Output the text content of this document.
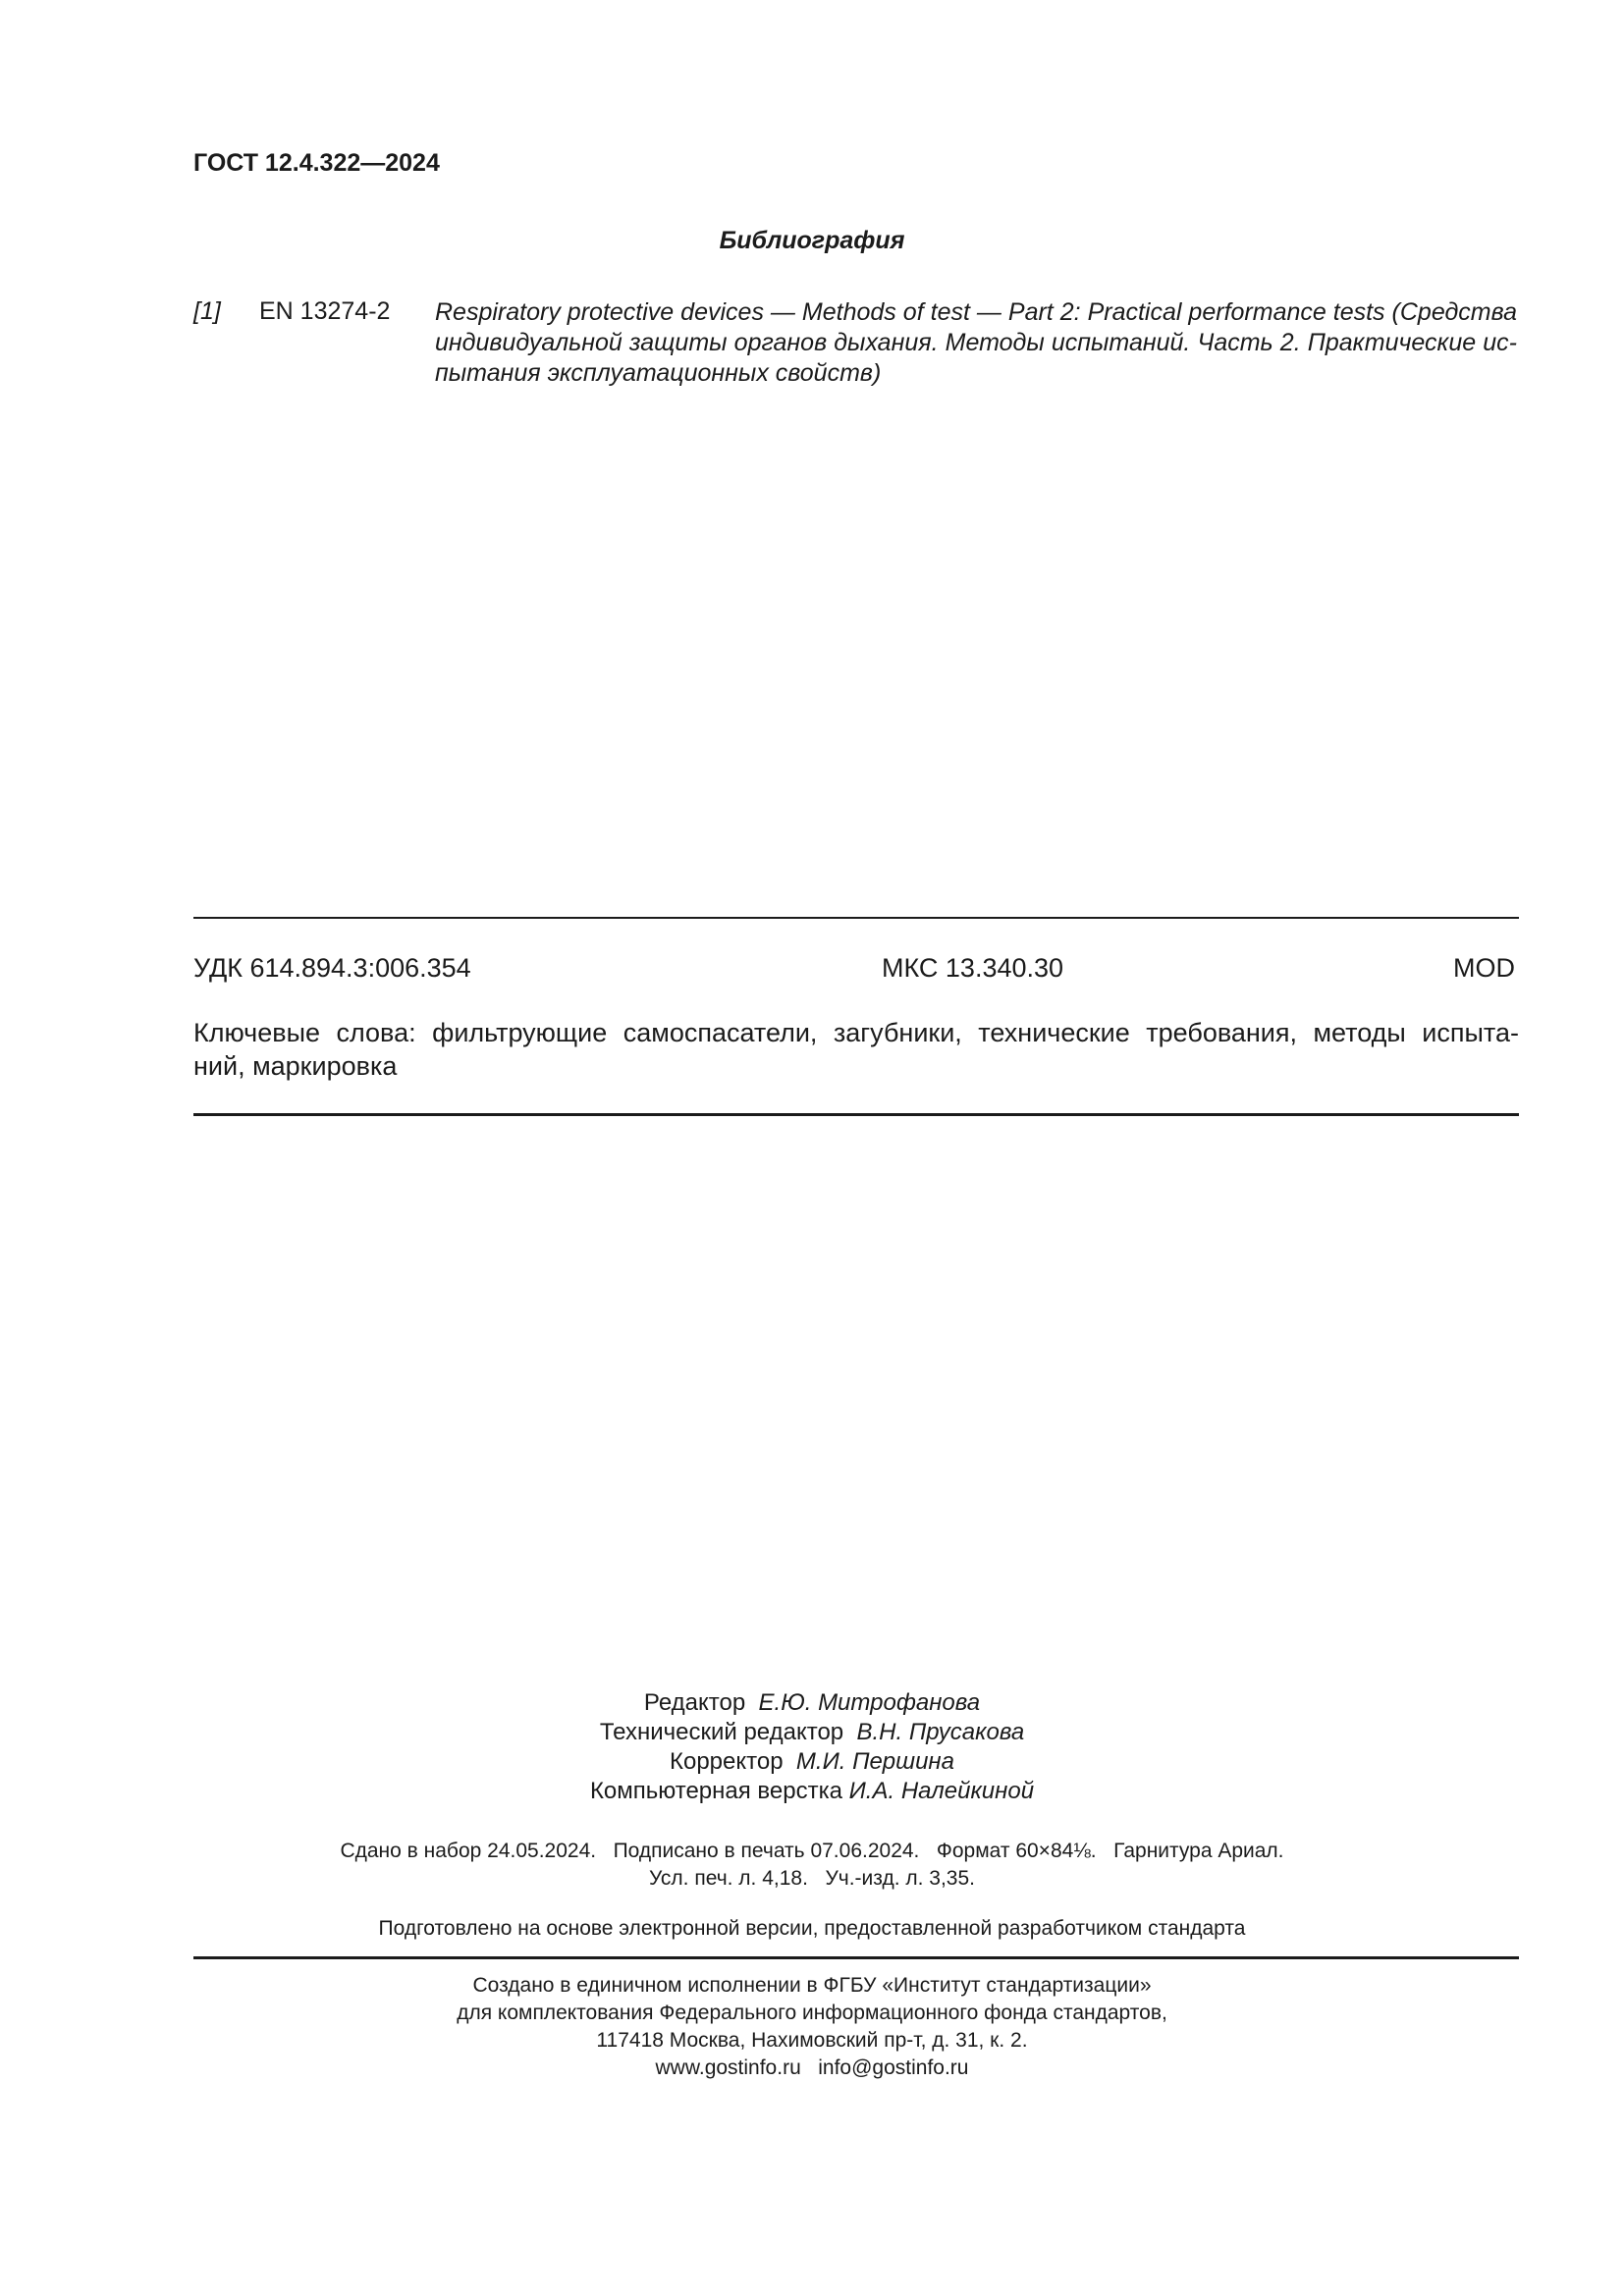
ГОСТ 12.4.322—2024
Библиография
[1] EN 13274-2 Respiratory protective devices — Methods of test — Part 2: Practical performance tests (Средства
индивидуальной защиты органов дыхания. Методы испытаний. Часть 2. Практические ис-
пытания эксплуатационных свойств)
УДК 614.894.3:006.354	МКС 13.340.30	MOD
Ключевые слова: фильтрующие самоспасатели, загубники, технические требования, методы испыта-
ний, маркировка
Редактор Е.Ю. Митрофанова
Технический редактор В.Н. Прусакова
Корректор М.И. Першина
Компьютерная верстка И.А. Налейкиной
Сдано в набор 24.05.2024.   Подписано в печать 07.06.2024.   Формат 60×84⅛.   Гарнитура Ариал.
Усл. печ. л. 4,18.   Уч.-изд. л. 3,35.
Подготовлено на основе электронной версии, предоставленной разработчиком стандарта
Создано в единичном исполнении в ФГБУ «Институт стандартизации»
для комплектования Федерального информационного фонда стандартов,
117418 Москва, Нахимовский пр-т, д. 31, к. 2.
www.gostinfo.ru   info@gostinfo.ru
